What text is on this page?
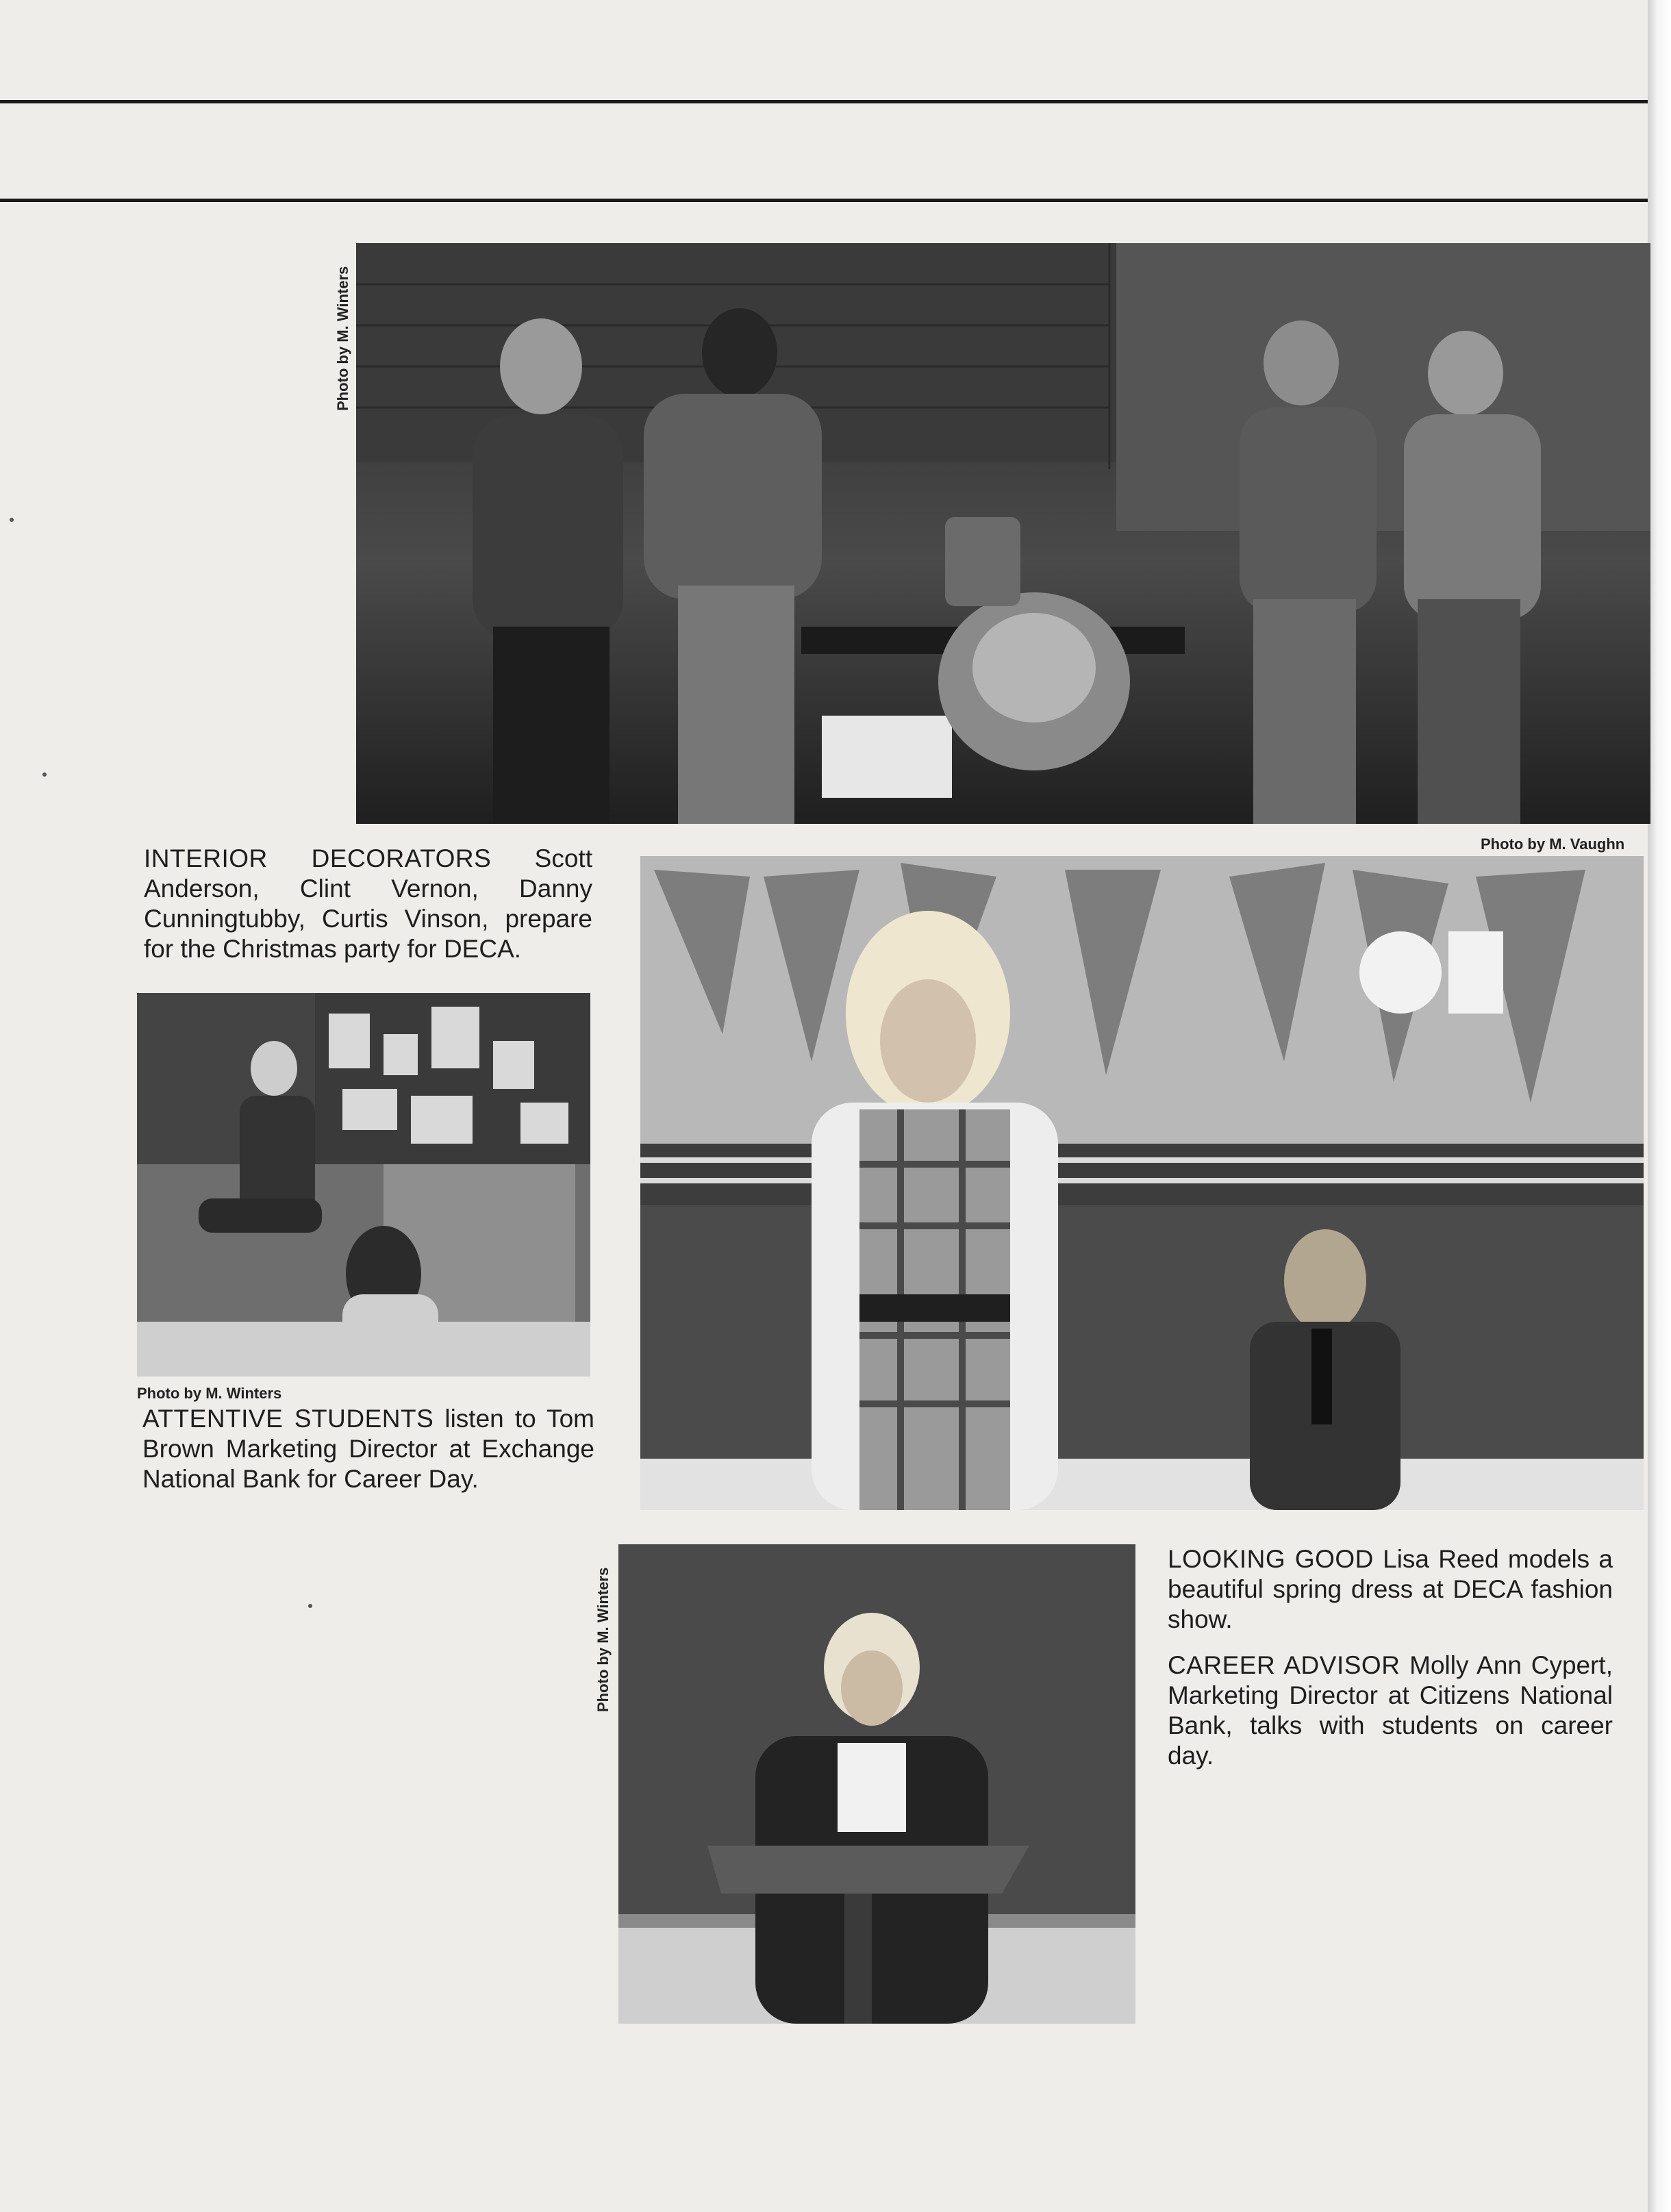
Photo by M. Winters
Photo by M. Vaughn
INTERIOR DECORATORS Scott Anderson, Clint Vernon, Danny Cunningtubby, Curtis Vinson, prepare for the Christmas party for DECA.
Photo by M. Winters
ATTENTIVE STUDENTS listen to Tom Brown Marketing Director at Exchange National Bank for Career Day.
LOOKING GOOD Lisa Reed models a beautiful spring dress at DECA fashion show.
Photo by M. Winters	CAREER ADVISOR Molly Ann Cypert, Marketing Director at Citizens National Bank, talks with students on career day.
